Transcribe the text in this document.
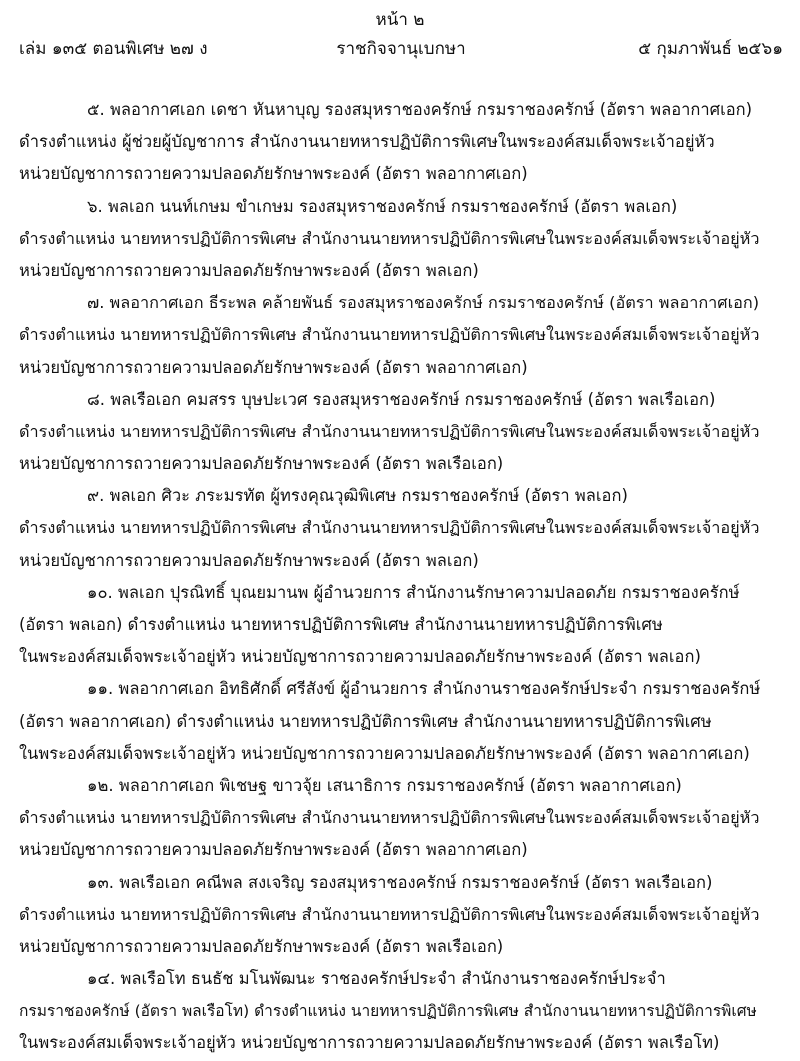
หน้า ๒
เล่ม ๑๓๕ ตอนพิเศษ ๒๗ ง	ราชกิจจานุเบกษา	๕ กุมภาพันธ์ ๒๕๖๑
๕. พลอากาศเอก เดชา หันหาบุญ รองสมุหราชองครักษ์ กรมราชองครักษ์ (อัตรา พลอากาศเอก)
ดำรงตำแหน่ง ผู้ช่วยผู้บัญชาการ สำนักงานนายทหารปฏิบัติการพิเศษในพระองค์สมเด็จพระเจ้าอยู่หัว
หน่วยบัญชาการถวายความปลอดภัยรักษาพระองค์ (อัตรา พลอากาศเอก)
๖. พลเอก นนท์เกษม ขำเกษม รองสมุหราชองครักษ์ กรมราชองครักษ์ (อัตรา พลเอก)
ดำรงตำแหน่ง นายทหารปฏิบัติการพิเศษ สำนักงานนายทหารปฏิบัติการพิเศษในพระองค์สมเด็จพระเจ้าอยู่หัว
หน่วยบัญชาการถวายความปลอดภัยรักษาพระองค์ (อัตรา พลเอก)
๗. พลอากาศเอก ธีระพล คล้ายพันธ์ รองสมุหราชองครักษ์ กรมราชองครักษ์ (อัตรา พลอากาศเอก)
ดำรงตำแหน่ง นายทหารปฏิบัติการพิเศษ สำนักงานนายทหารปฏิบัติการพิเศษในพระองค์สมเด็จพระเจ้าอยู่หัว
หน่วยบัญชาการถวายความปลอดภัยรักษาพระองค์ (อัตรา พลอากาศเอก)
๘. พลเรือเอก คมสรร บุษปะเวศ รองสมุหราชองครักษ์ กรมราชองครักษ์ (อัตรา พลเรือเอก)
ดำรงตำแหน่ง นายทหารปฏิบัติการพิเศษ สำนักงานนายทหารปฏิบัติการพิเศษในพระองค์สมเด็จพระเจ้าอยู่หัว
หน่วยบัญชาการถวายความปลอดภัยรักษาพระองค์ (อัตรา พลเรือเอก)
๙. พลเอก ศิวะ ภระมรทัต ผู้ทรงคุณวุฒิพิเศษ กรมราชองครักษ์ (อัตรา พลเอก)
ดำรงตำแหน่ง นายทหารปฏิบัติการพิเศษ สำนักงานนายทหารปฏิบัติการพิเศษในพระองค์สมเด็จพระเจ้าอยู่หัว
หน่วยบัญชาการถวายความปลอดภัยรักษาพระองค์ (อัตรา พลเอก)
๑๐. พลเอก ปุรณิทธิ์ บุณยมานพ ผู้อำนวยการ สำนักงานรักษาความปลอดภัย กรมราชองครักษ์
(อัตรา พลเอก) ดำรงตำแหน่ง นายทหารปฏิบัติการพิเศษ สำนักงานนายทหารปฏิบัติการพิเศษ
ในพระองค์สมเด็จพระเจ้าอยู่หัว หน่วยบัญชาการถวายความปลอดภัยรักษาพระองค์ (อัตรา พลเอก)
๑๑. พลอากาศเอก อิทธิศักดิ์ ศรีสังข์ ผู้อำนวยการ สำนักงานราชองครักษ์ประจำ กรมราชองครักษ์
(อัตรา พลอากาศเอก) ดำรงตำแหน่ง นายทหารปฏิบัติการพิเศษ สำนักงานนายทหารปฏิบัติการพิเศษ
ในพระองค์สมเด็จพระเจ้าอยู่หัว หน่วยบัญชาการถวายความปลอดภัยรักษาพระองค์ (อัตรา พลอากาศเอก)
๑๒. พลอากาศเอก พิเชษฐ ขาวจุ้ย เสนาธิการ กรมราชองครักษ์ (อัตรา พลอากาศเอก)
ดำรงตำแหน่ง นายทหารปฏิบัติการพิเศษ สำนักงานนายทหารปฏิบัติการพิเศษในพระองค์สมเด็จพระเจ้าอยู่หัว
หน่วยบัญชาการถวายความปลอดภัยรักษาพระองค์ (อัตรา พลอากาศเอก)
๑๓. พลเรือเอก คณีพล สงเจริญ รองสมุหราชองครักษ์ กรมราชองครักษ์ (อัตรา พลเรือเอก)
ดำรงตำแหน่ง นายทหารปฏิบัติการพิเศษ สำนักงานนายทหารปฏิบัติการพิเศษในพระองค์สมเด็จพระเจ้าอยู่หัว
หน่วยบัญชาการถวายความปลอดภัยรักษาพระองค์ (อัตรา พลเรือเอก)
๑๔. พลเรือโท ธนธัช มโนพัฒนะ ราชองครักษ์ประจำ สำนักงานราชองครักษ์ประจำ
กรมราชองครักษ์ (อัตรา พลเรือโท) ดำรงตำแหน่ง นายทหารปฏิบัติการพิเศษ สำนักงานนายทหารปฏิบัติการพิเศษ
ในพระองค์สมเด็จพระเจ้าอยู่หัว หน่วยบัญชาการถวายความปลอดภัยรักษาพระองค์ (อัตรา พลเรือโท)
